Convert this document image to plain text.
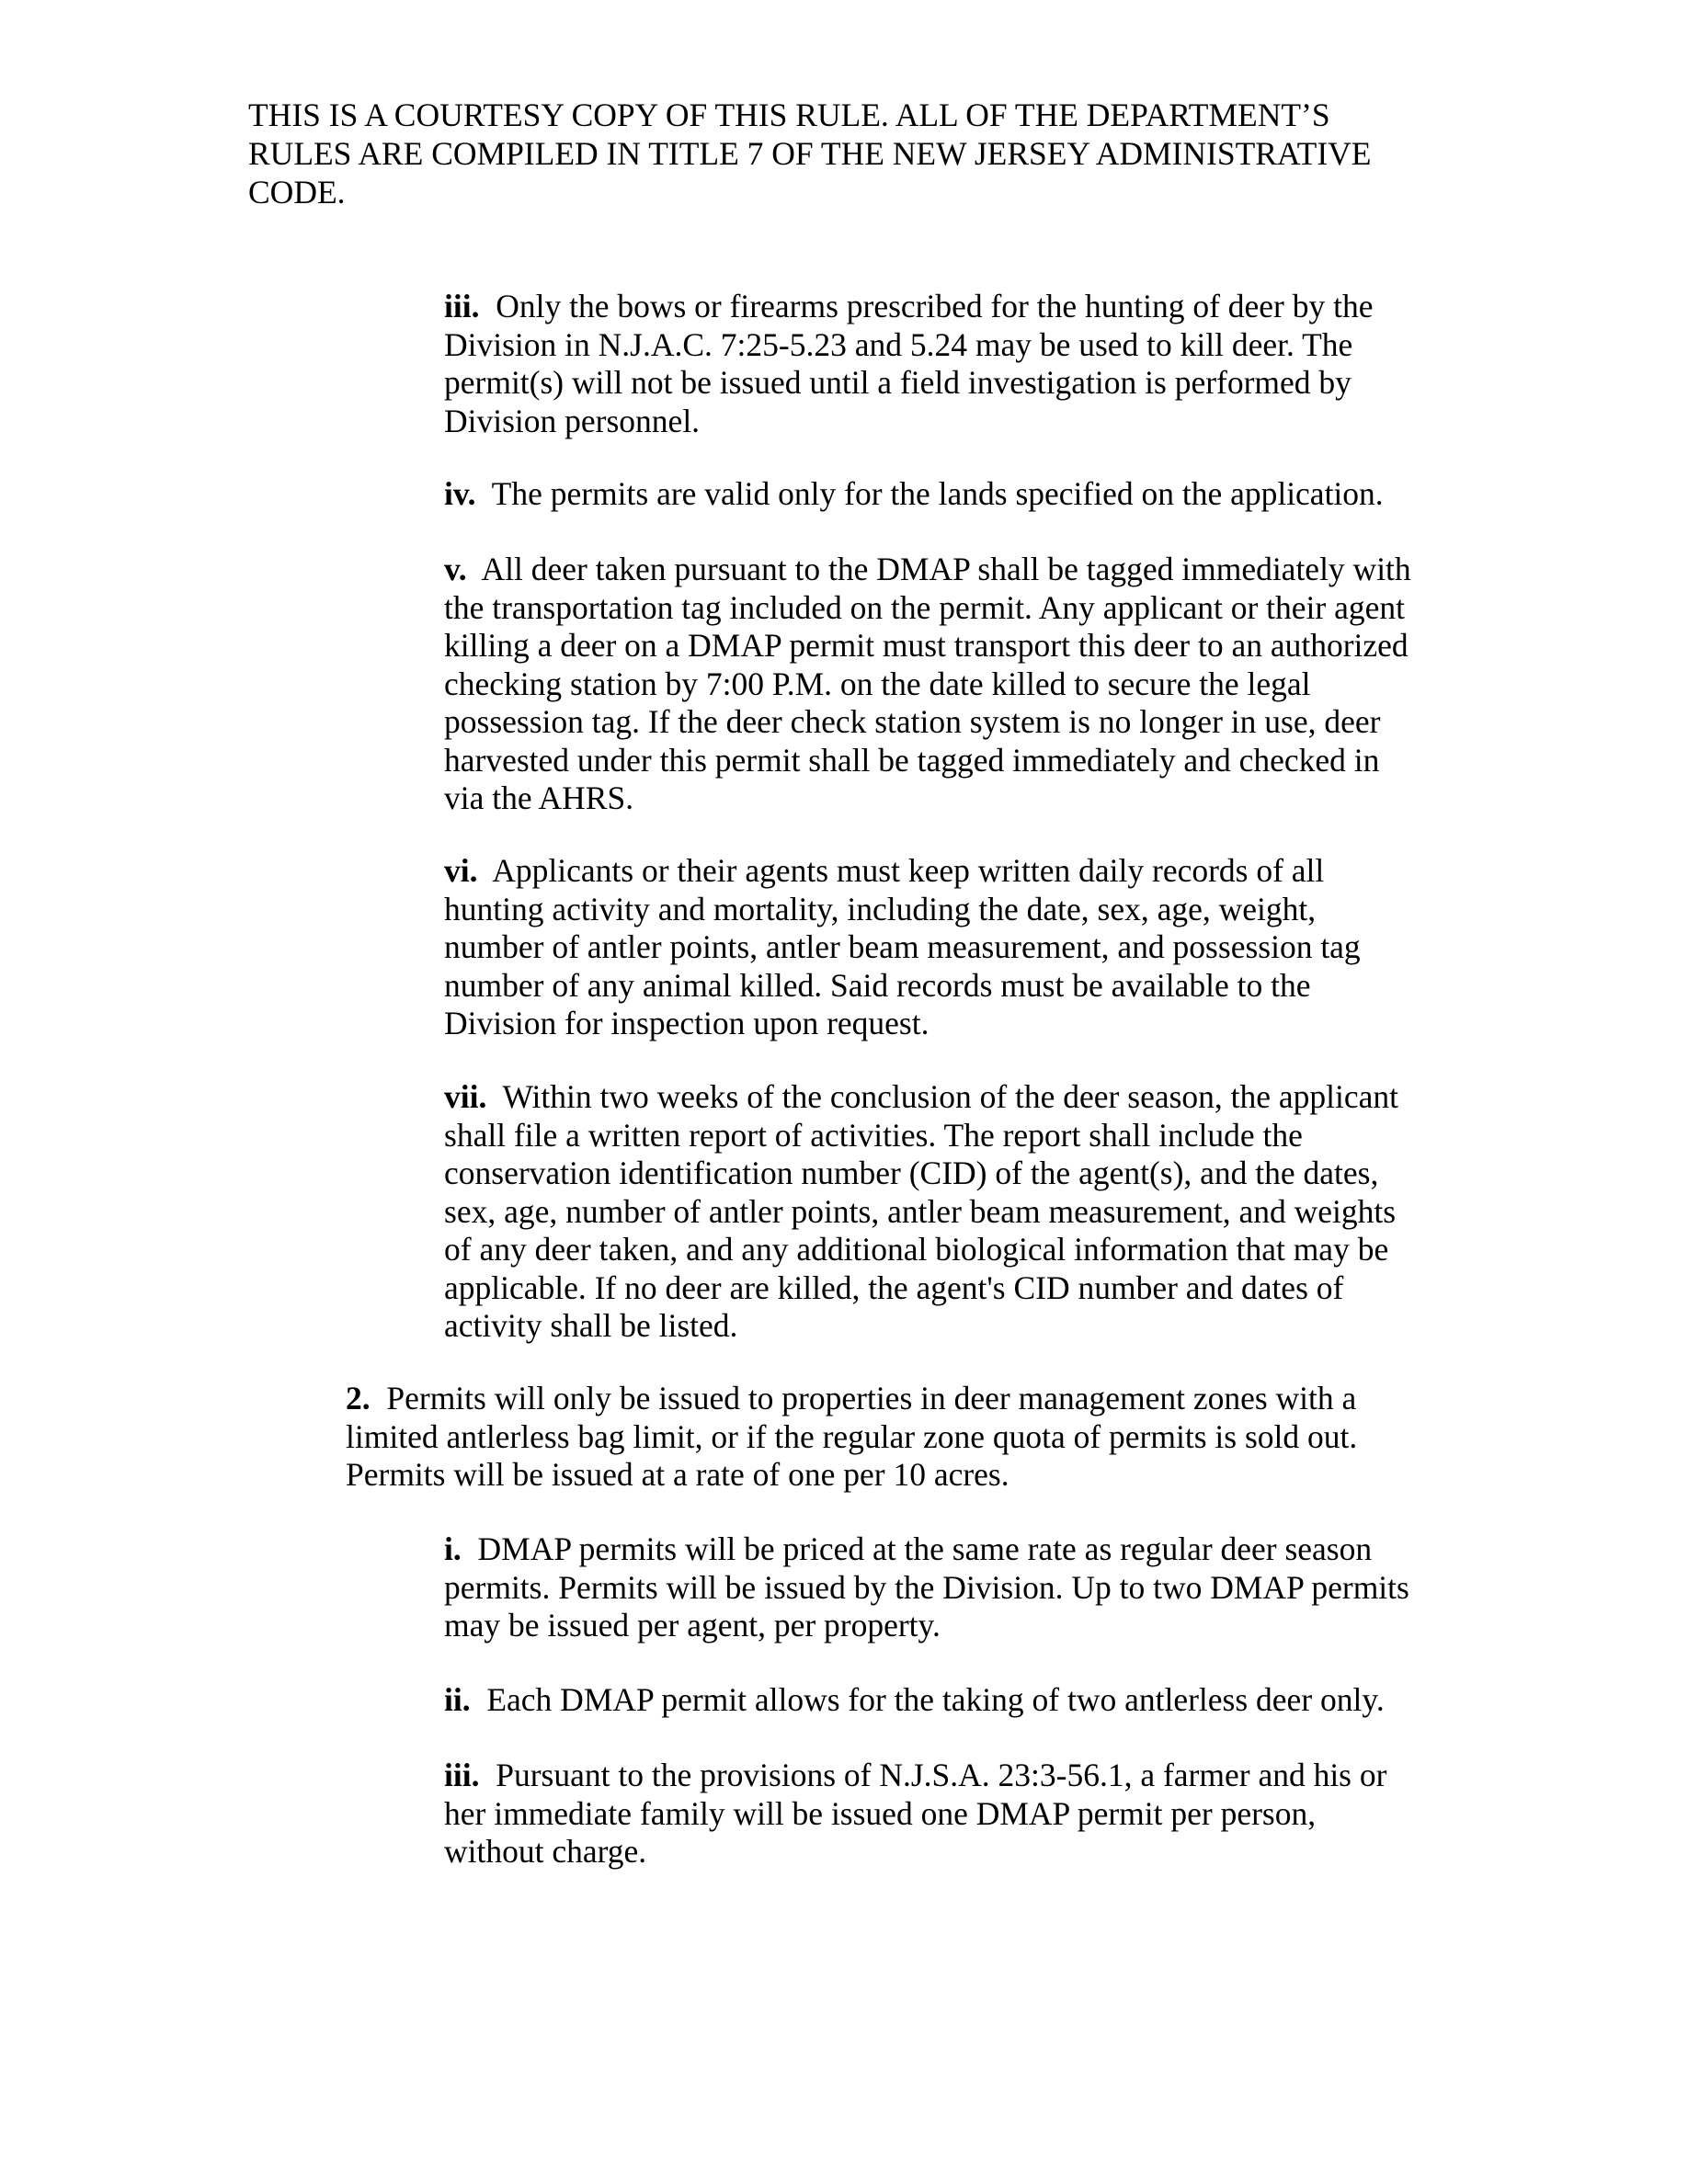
THIS IS A COURTESY COPY OF THIS RULE. ALL OF THE DEPARTMENT’S
RULES ARE COMPILED IN TITLE 7 OF THE NEW JERSEY ADMINISTRATIVE
CODE.

iii. Only the bows or firearms prescribed for the hunting of deer by the
Division in N.J.A.C. 7:25-5.23 and 5.24 may be used to kill deer. The
permit(s) will not be issued until a field investigation is performed by
Division personnel.

iv. The permits are valid only for the lands specified on the application.

v. All deer taken pursuant to the DMAP shall be tagged immediately with
the transportation tag included on the permit. Any applicant or their agent
killing a deer on a DMAP permit must transport this deer to an authorized
checking station by 7:00 P.M. on the date killed to secure the legal
possession tag. If the deer check station system is no longer in use, deer
harvested under this permit shall be tagged immediately and checked in
via the AHRS.

vi. Applicants or their agents must keep written daily records of all
hunting activity and mortality, including the date, sex, age, weight,
number of antler points, antler beam measurement, and possession tag
number of any animal killed. Said records must be available to the
Division for inspection upon request.

vii. Within two weeks of the conclusion of the deer season, the applicant
shall file a written report of activities. The report shall include the
conservation identification number (CID) of the agent(s), and the dates,
sex, age, number of antler points, antler beam measurement, and weights
of any deer taken, and any additional biological information that may be
applicable. If no deer are killed, the agent's CID number and dates of
activity shall be listed.

2. Permits will only be issued to properties in deer management zones with a
limited antlerless bag limit, or if the regular zone quota of permits is sold out.
Permits will be issued at a rate of one per 10 acres.

i. DMAP permits will be priced at the same rate as regular deer season
permits. Permits will be issued by the Division. Up to two DMAP permits
may be issued per agent, per property.

ii. Each DMAP permit allows for the taking of two antlerless deer only.

iii. Pursuant to the provisions of N.J.S.A. 23:3-56.1, a farmer and his or
her immediate family will be issued one DMAP permit per person,
without charge.
